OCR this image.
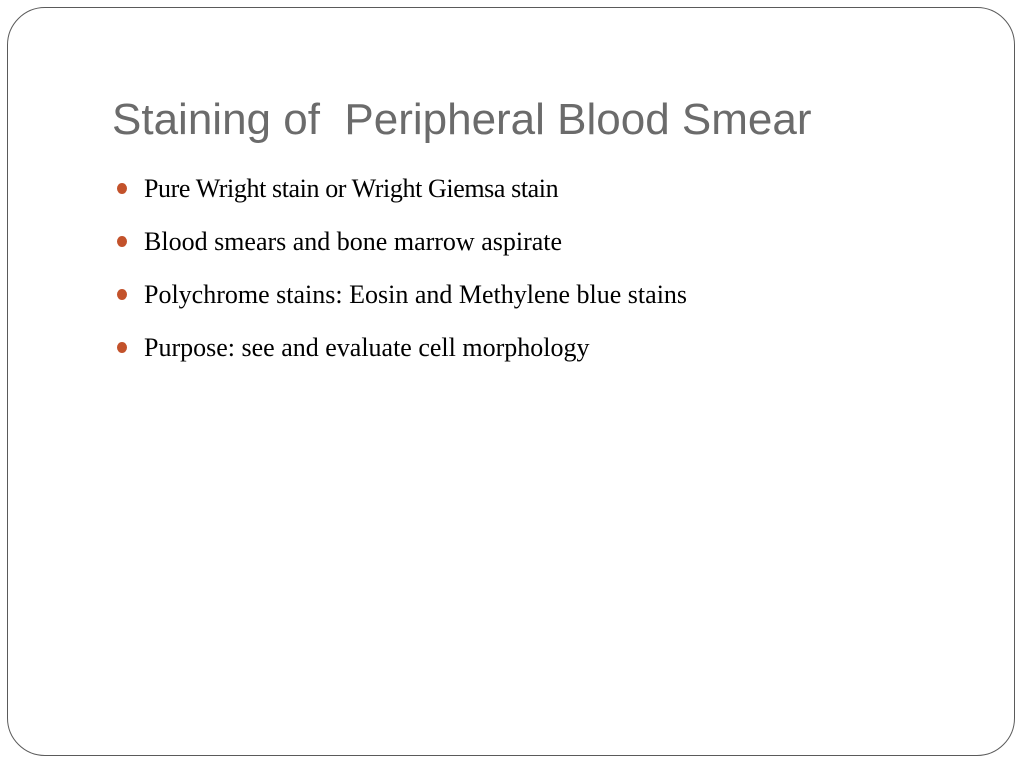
Staining of  Peripheral Blood Smear
Pure Wright stain or Wright Giemsa stain
Blood smears and bone marrow aspirate
Polychrome stains: Eosin and Methylene blue stains
Purpose: see and evaluate cell morphology
